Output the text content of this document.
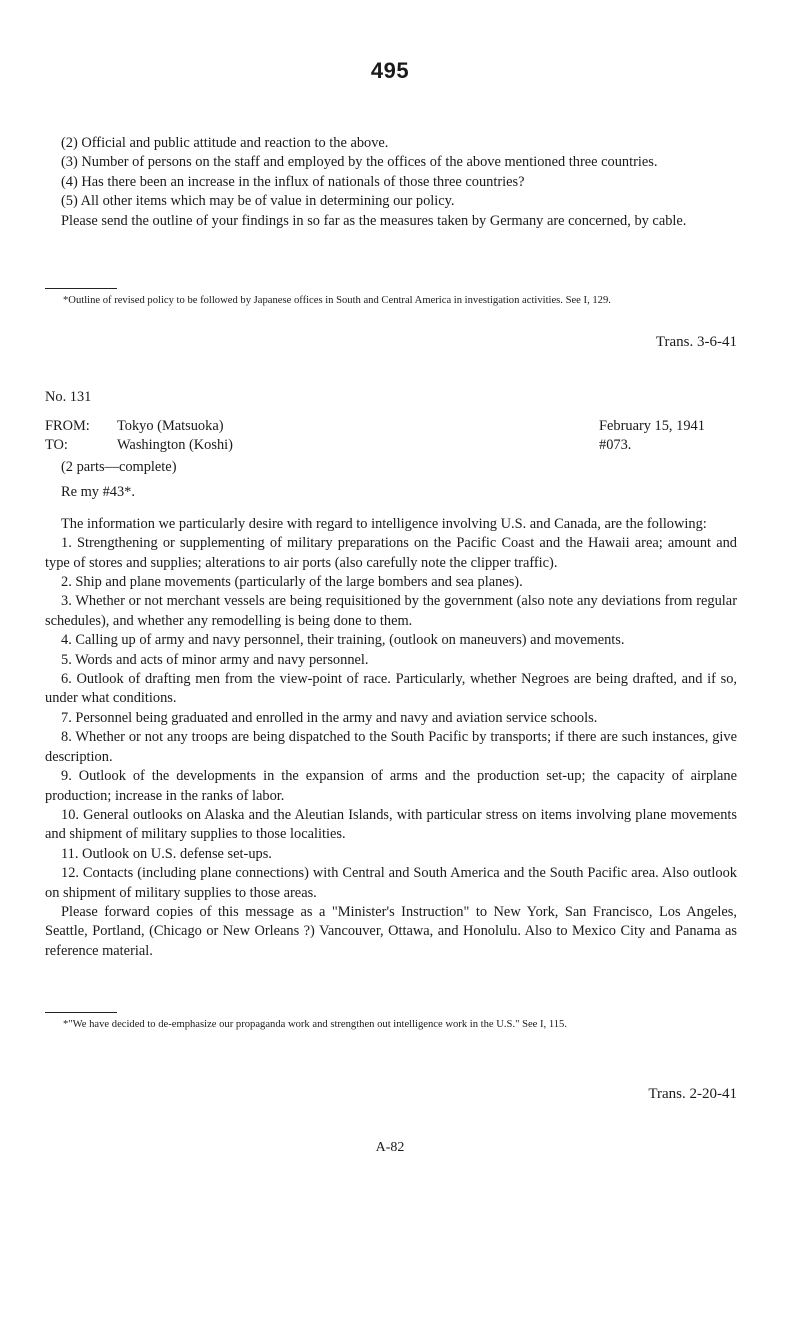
495

(2) Official and public attitude and reaction to the above.

(3) Number of persons on the staff and employed by the offices of the above mentioned three countries.

(4) Has there been an increase in the influx of nationals of those three countries?

(5) All other items which may be of value in determining our policy.

Please send the outline of your findings in so far as the measures taken by Germany are concerned, by cable.

*Outline of revised policy to be followed by Japanese offices in South and Central America in investigation activities. See I, 129.

Trans. 3-6-41
No. 131
FROM: Tokyo (Matsuoka)	February 15, 1941
TO:	Washington (Koshi)	#073.

(2 parts—complete)

Re my #43*.

The information we particularly desire with regard to intelligence involving U.S. and Canada, are the following:

1. Strengthening or supplementing of military preparations on the Pacific Coast and the Hawaii area; amount and type of stores and supplies; alterations to air ports (also carefully note the clipper traffic).

2. Ship and plane movements (particularly of the large bombers and sea planes).

3. Whether or not merchant vessels are being requisitioned by the government (also note any deviations from regular schedules), and whether any remodelling is being done to them.

4. Calling up of army and navy personnel, their training, (outlook on maneuvers) and movements.

5. Words and acts of minor army and navy personnel.

6. Outlook of drafting men from the view-point of race. Particularly, whether Negroes are being drafted, and if so, under what conditions.

7. Personnel being graduated and enrolled in the army and navy and aviation service schools.

8. Whether or not any troops are being dispatched to the South Pacific by transports; if there are such instances, give description.

9. Outlook of the developments in the expansion of arms and the production set-up; the capacity of airplane production; increase in the ranks of labor.

10. General outlooks on Alaska and the Aleutian Islands, with particular stress on items involving plane movements and shipment of military supplies to those localities.

11. Outlook on U.S. defense set-ups.

12. Contacts (including plane connections) with Central and South America and the South Pacific area. Also outlook on shipment of military supplies to those areas.

Please forward copies of this message as a "Minister's Instruction" to New York, San Francisco, Los Angeles, Seattle, Portland, (Chicago or New Orleans ?) Vancouver, Ottawa, and Honolulu. Also to Mexico City and Panama as reference material.

*"We have decided to de-emphasize our propaganda work and strengthen out intelligence work in the U.S." See I, 115.

Trans. 2-20-41
A-82
